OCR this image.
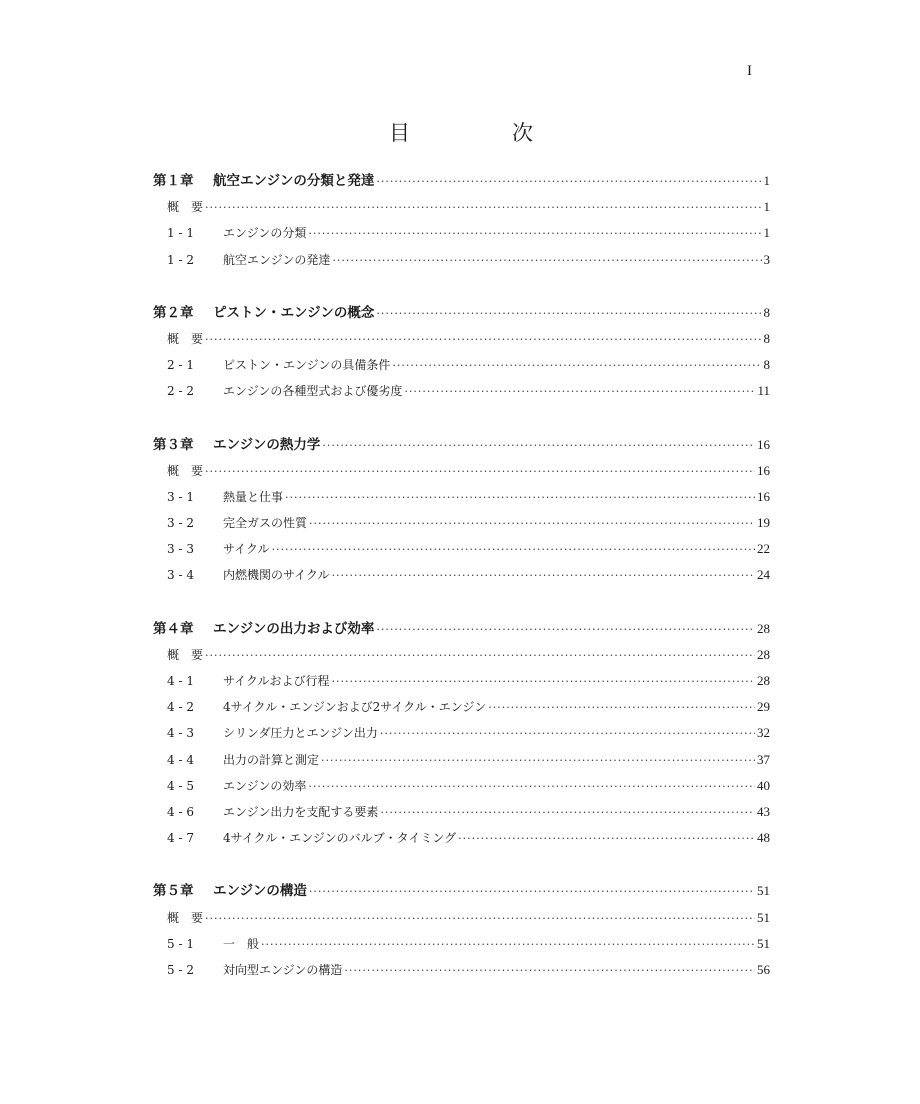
I
目	次
第１章	航空エンジンの分類と発達 ·····	1
概　要 ·····	1
1 - 1	エンジンの分類 ·····	1
1 - 2	航空エンジンの発達 ·····	3
第２章	ピストン・エンジンの概念 ·····	8
概　要 ·····	8
2 - 1	ピストン・エンジンの具備条件 ·····	8
2 - 2	エンジンの各種型式および優劣度 ·····	11
第３章	エンジンの熱力学 ·····	16
概　要 ·····	16
3 - 1	熱量と仕事 ·····	16
3 - 2	完全ガスの性質 ·····	19
3 - 3	サイクル ·····	22
3 - 4	内燃機関のサイクル ·····	24
第４章	エンジンの出力および効率 ·····	28
概　要 ·····	28
4 - 1	サイクルおよび行程 ·····	28
4 - 2	4サイクル・エンジンおよび2サイクル・エンジン ·····	29
4 - 3	シリンダ圧力とエンジン出力 ·····	32
4 - 4	出力の計算と測定 ·····	37
4 - 5	エンジンの効率 ·····	40
4 - 6	エンジン出力を支配する要素 ·····	43
4 - 7	4サイクル・エンジンのバルブ・タイミング ·····	48
第５章	エンジンの構造 ·····	51
概　要 ·····	51
5 - 1	一　般 ·····	51
5 - 2	対向型エンジンの構造 ·····	56
